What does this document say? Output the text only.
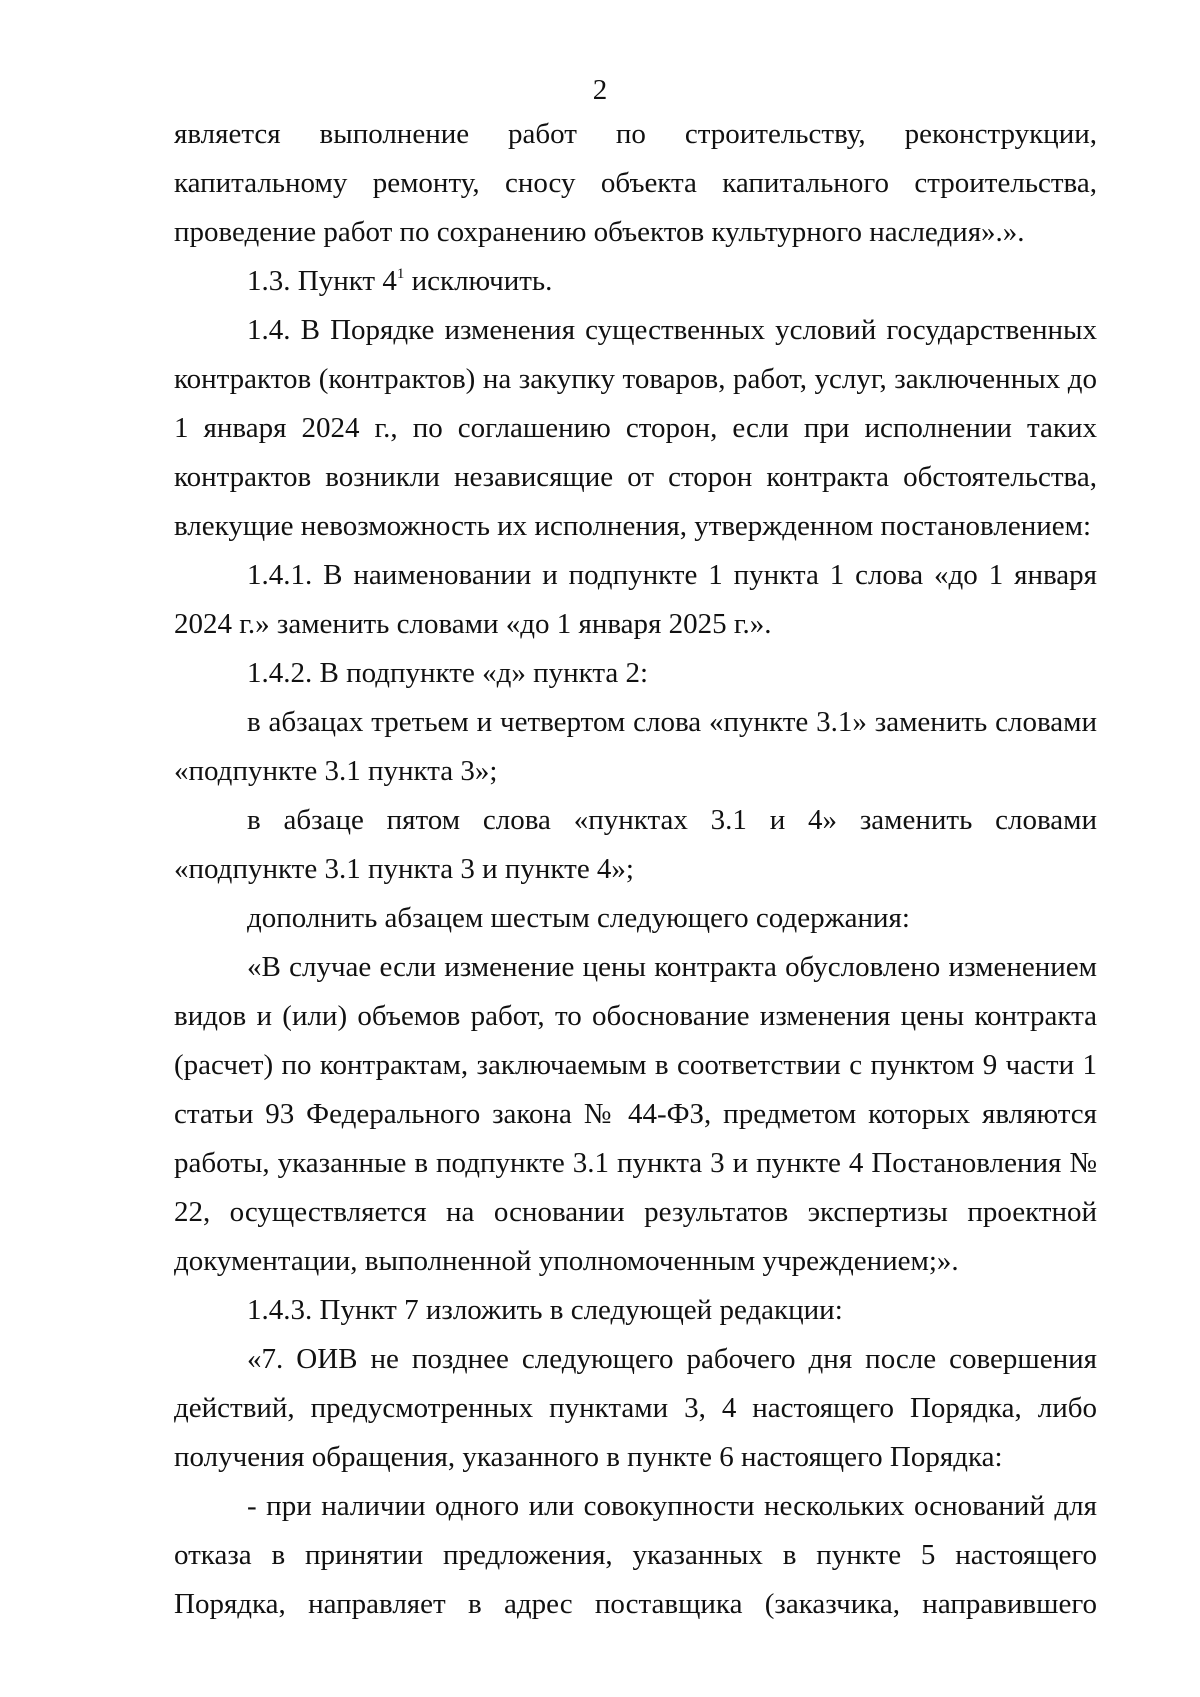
2

является выполнение работ по строительству, реконструкции, капитальному ремонту, сносу объекта капитального строительства, проведение работ по сохранению объектов культурного наследия».».

1.3. Пункт $4^1$ исключить.

1.4. В Порядке изменения существенных условий государственных контрактов (контрактов) на закупку товаров, работ, услуг, заключенных до 1 января 2024 г., по соглашению сторон, если при исполнении таких контрактов возникли независящие от сторон контракта обстоятельства, влекущие невозможность их исполнения, утвержденном постановлением:

1.4.1. В наименовании и подпункте 1 пункта 1 слова «до 1 января 2024 г.» заменить словами «до 1 января 2025 г.».

1.4.2. В подпункте «д» пункта 2:

в абзацах третьем и четвертом слова «пункте 3.1» заменить словами «подпункте 3.1 пункта 3»;

в абзаце пятом слова «пунктах 3.1 и 4» заменить словами «подпункте 3.1 пункта 3 и пункте 4»;

дополнить абзацем шестым следующего содержания:

«В случае если изменение цены контракта обусловлено изменением видов и (или) объемов работ, то обоснование изменения цены контракта (расчет) по контрактам, заключаемым в соответствии с пунктом 9 части 1 статьи 93 Федерального закона № 44-ФЗ, предметом которых являются работы, указанные в подпункте 3.1 пункта 3 и пункте 4 Постановления № 22, осуществляется на основании результатов экспертизы проектной документации, выполненной уполномоченным учреждением;».

1.4.3. Пункт 7 изложить в следующей редакции:

«7. ОИВ не позднее следующего рабочего дня после совершения действий, предусмотренных пунктами 3, 4 настоящего Порядка, либо получения обращения, указанного в пункте 6 настоящего Порядка:

- при наличии одного или совокупности нескольких оснований для отказа в принятии предложения, указанных в пункте 5 настоящего Порядка, направляет в адрес поставщика (заказчика, направившего
